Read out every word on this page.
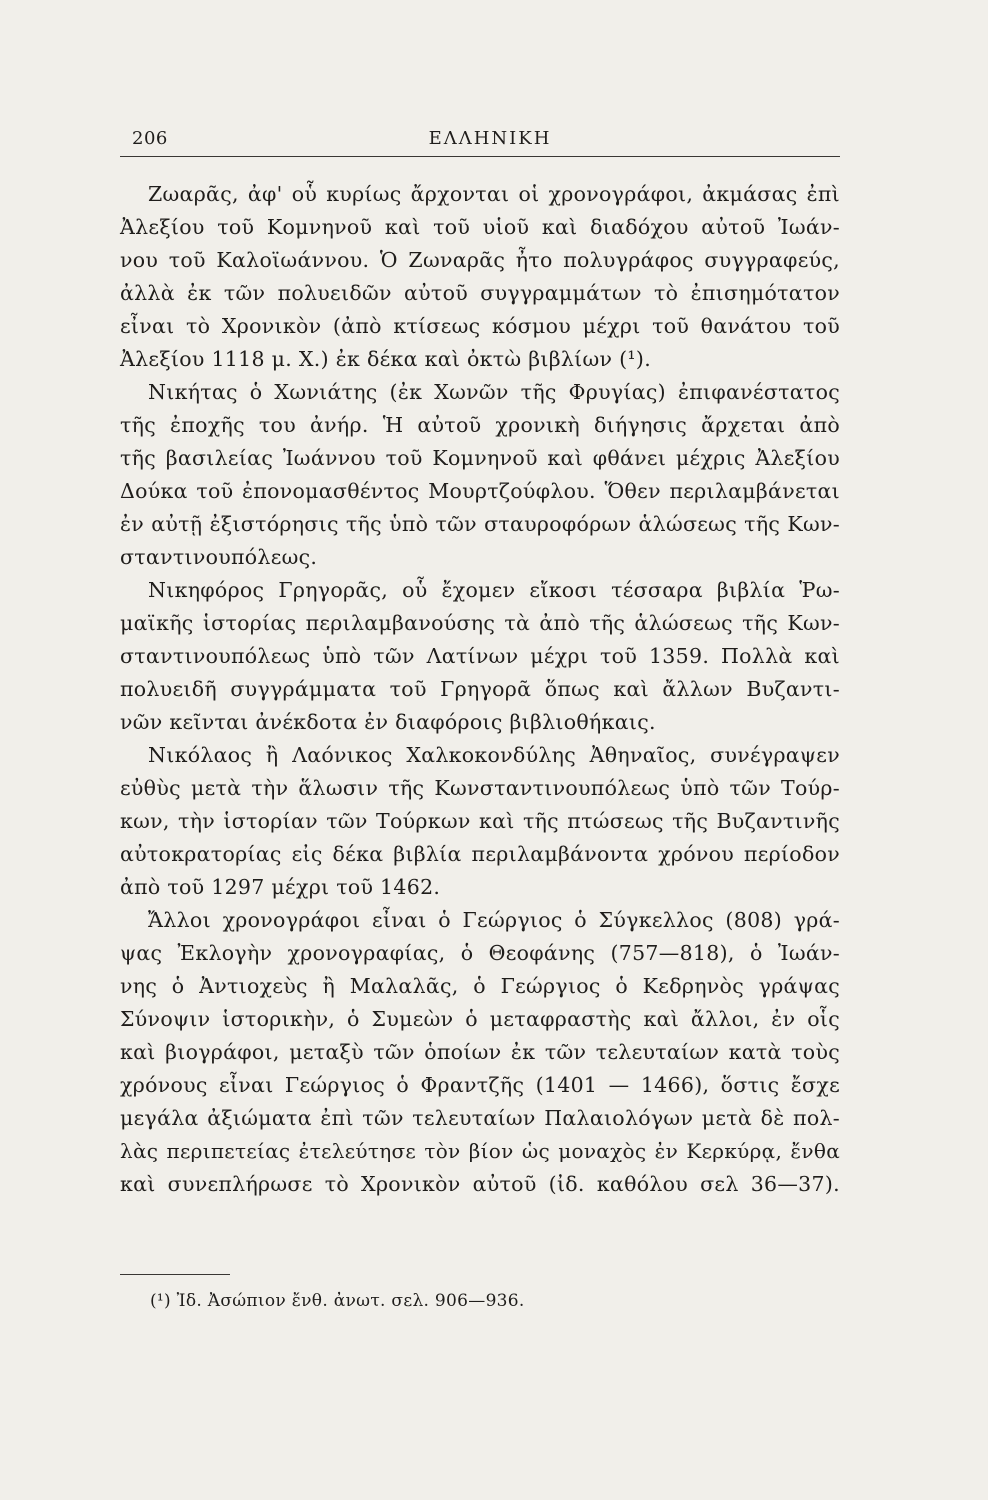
206	ΕΛΛΗΝΙΚΗ
Ζωαρᾶς, ἀφ' οὗ κυρίως ἄρχονται οἱ χρονογράφοι, ἀκμάσας ἐπὶ
Ἀλεξίου τοῦ Κομνηνοῦ καὶ τοῦ υἱοῦ καὶ διαδόχου αὐτοῦ Ἰωάν-
νου τοῦ Καλοϊωάννου. Ὁ Ζωναρᾶς ἦτο πολυγράφος συγγραφεύς,
ἀλλὰ ἐκ τῶν πολυειδῶν αὐτοῦ συγγραμμάτων τὸ ἐπισημότατον
εἶναι τὸ Χρονικὸν (ἀπὸ κτίσεως κόσμου μέχρι τοῦ θανάτου τοῦ
Ἀλεξίου 1118 μ. Χ.) ἐκ δέκα καὶ ὀκτὼ βιβλίων (¹).
Νικήτας ὁ Χωνιάτης (ἐκ Χωνῶν τῆς Φρυγίας) ἐπιφανέστατος
τῆς ἐποχῆς του ἀνήρ. Ἡ αὐτοῦ χρονικὴ διήγησις ἄρχεται ἀπὸ
τῆς βασιλείας Ἰωάννου τοῦ Κομνηνοῦ καὶ φθάνει μέχρις Ἀλεξίου
Δούκα τοῦ ἐπονομασθέντος Μουρτζούφλου. Ὅθεν περιλαμβάνεται
ἐν αὐτῇ ἐξιστόρησις τῆς ὑπὸ τῶν σταυροφόρων ἁλώσεως τῆς Κων-
σταντινουπόλεως.
Νικηφόρος Γρηγορᾶς, οὗ ἔχομεν εἴκοσι τέσσαρα βιβλία Ῥω-
μαϊκῆς ἱστορίας περιλαμβανούσης τὰ ἀπὸ τῆς ἁλώσεως τῆς Κων-
σταντινουπόλεως ὑπὸ τῶν Λατίνων μέχρι τοῦ 1359. Πολλὰ καὶ
πολυειδῆ συγγράμματα τοῦ Γρηγορᾶ ὅπως καὶ ἄλλων Βυζαντι-
νῶν κεῖνται ἀνέκδοτα ἐν διαφόροις βιβλιοθήκαις.
Νικόλαος ἢ Λαόνικος Χαλκοκονδύλης Ἀθηναῖος, συνέγραψεν
εὐθὺς μετὰ τὴν ἅλωσιν τῆς Κωνσταντινουπόλεως ὑπὸ τῶν Τούρ-
κων, τὴν ἱστορίαν τῶν Τούρκων καὶ τῆς πτώσεως τῆς Βυζαντινῆς
αὐτοκρατορίας εἰς δέκα βιβλία περιλαμβάνοντα χρόνου περίοδον
ἀπὸ τοῦ 1297 μέχρι τοῦ 1462.
Ἄλλοι χρονογράφοι εἶναι ὁ Γεώργιος ὁ Σύγκελλος (808) γρά-
ψας Ἐκλογὴν χρονογραφίας, ὁ Θεοφάνης (757—818), ὁ Ἰωάν-
νης ὁ Ἀντιοχεὺς ἢ Μαλαλᾶς, ὁ Γεώργιος ὁ Κεδρηνὸς γράψας
Σύνοψιν ἱστορικὴν, ὁ Συμεὼν ὁ μεταφραστὴς καὶ ἄλλοι, ἐν οἷς
καὶ βιογράφοι, μεταξὺ τῶν ὁποίων ἐκ τῶν τελευταίων κατὰ τοὺς
χρόνους εἶναι Γεώργιος ὁ Φραντζῆς (1401 — 1466), ὅστις ἔσχε
μεγάλα ἀξιώματα ἐπὶ τῶν τελευταίων Παλαιολόγων μετὰ δὲ πολ-
λὰς περιπετείας ἐτελεύτησε τὸν βίον ὡς μοναχὸς ἐν Κερκύρᾳ, ἔνθα
καὶ συνεπλήρωσε τὸ Χρονικὸν αὐτοῦ (ἰδ. καθόλου σελ 36—37).
(¹) Ἰδ. Ἀσώπιον ἔνθ. ἀνωτ. σελ. 906—936.
